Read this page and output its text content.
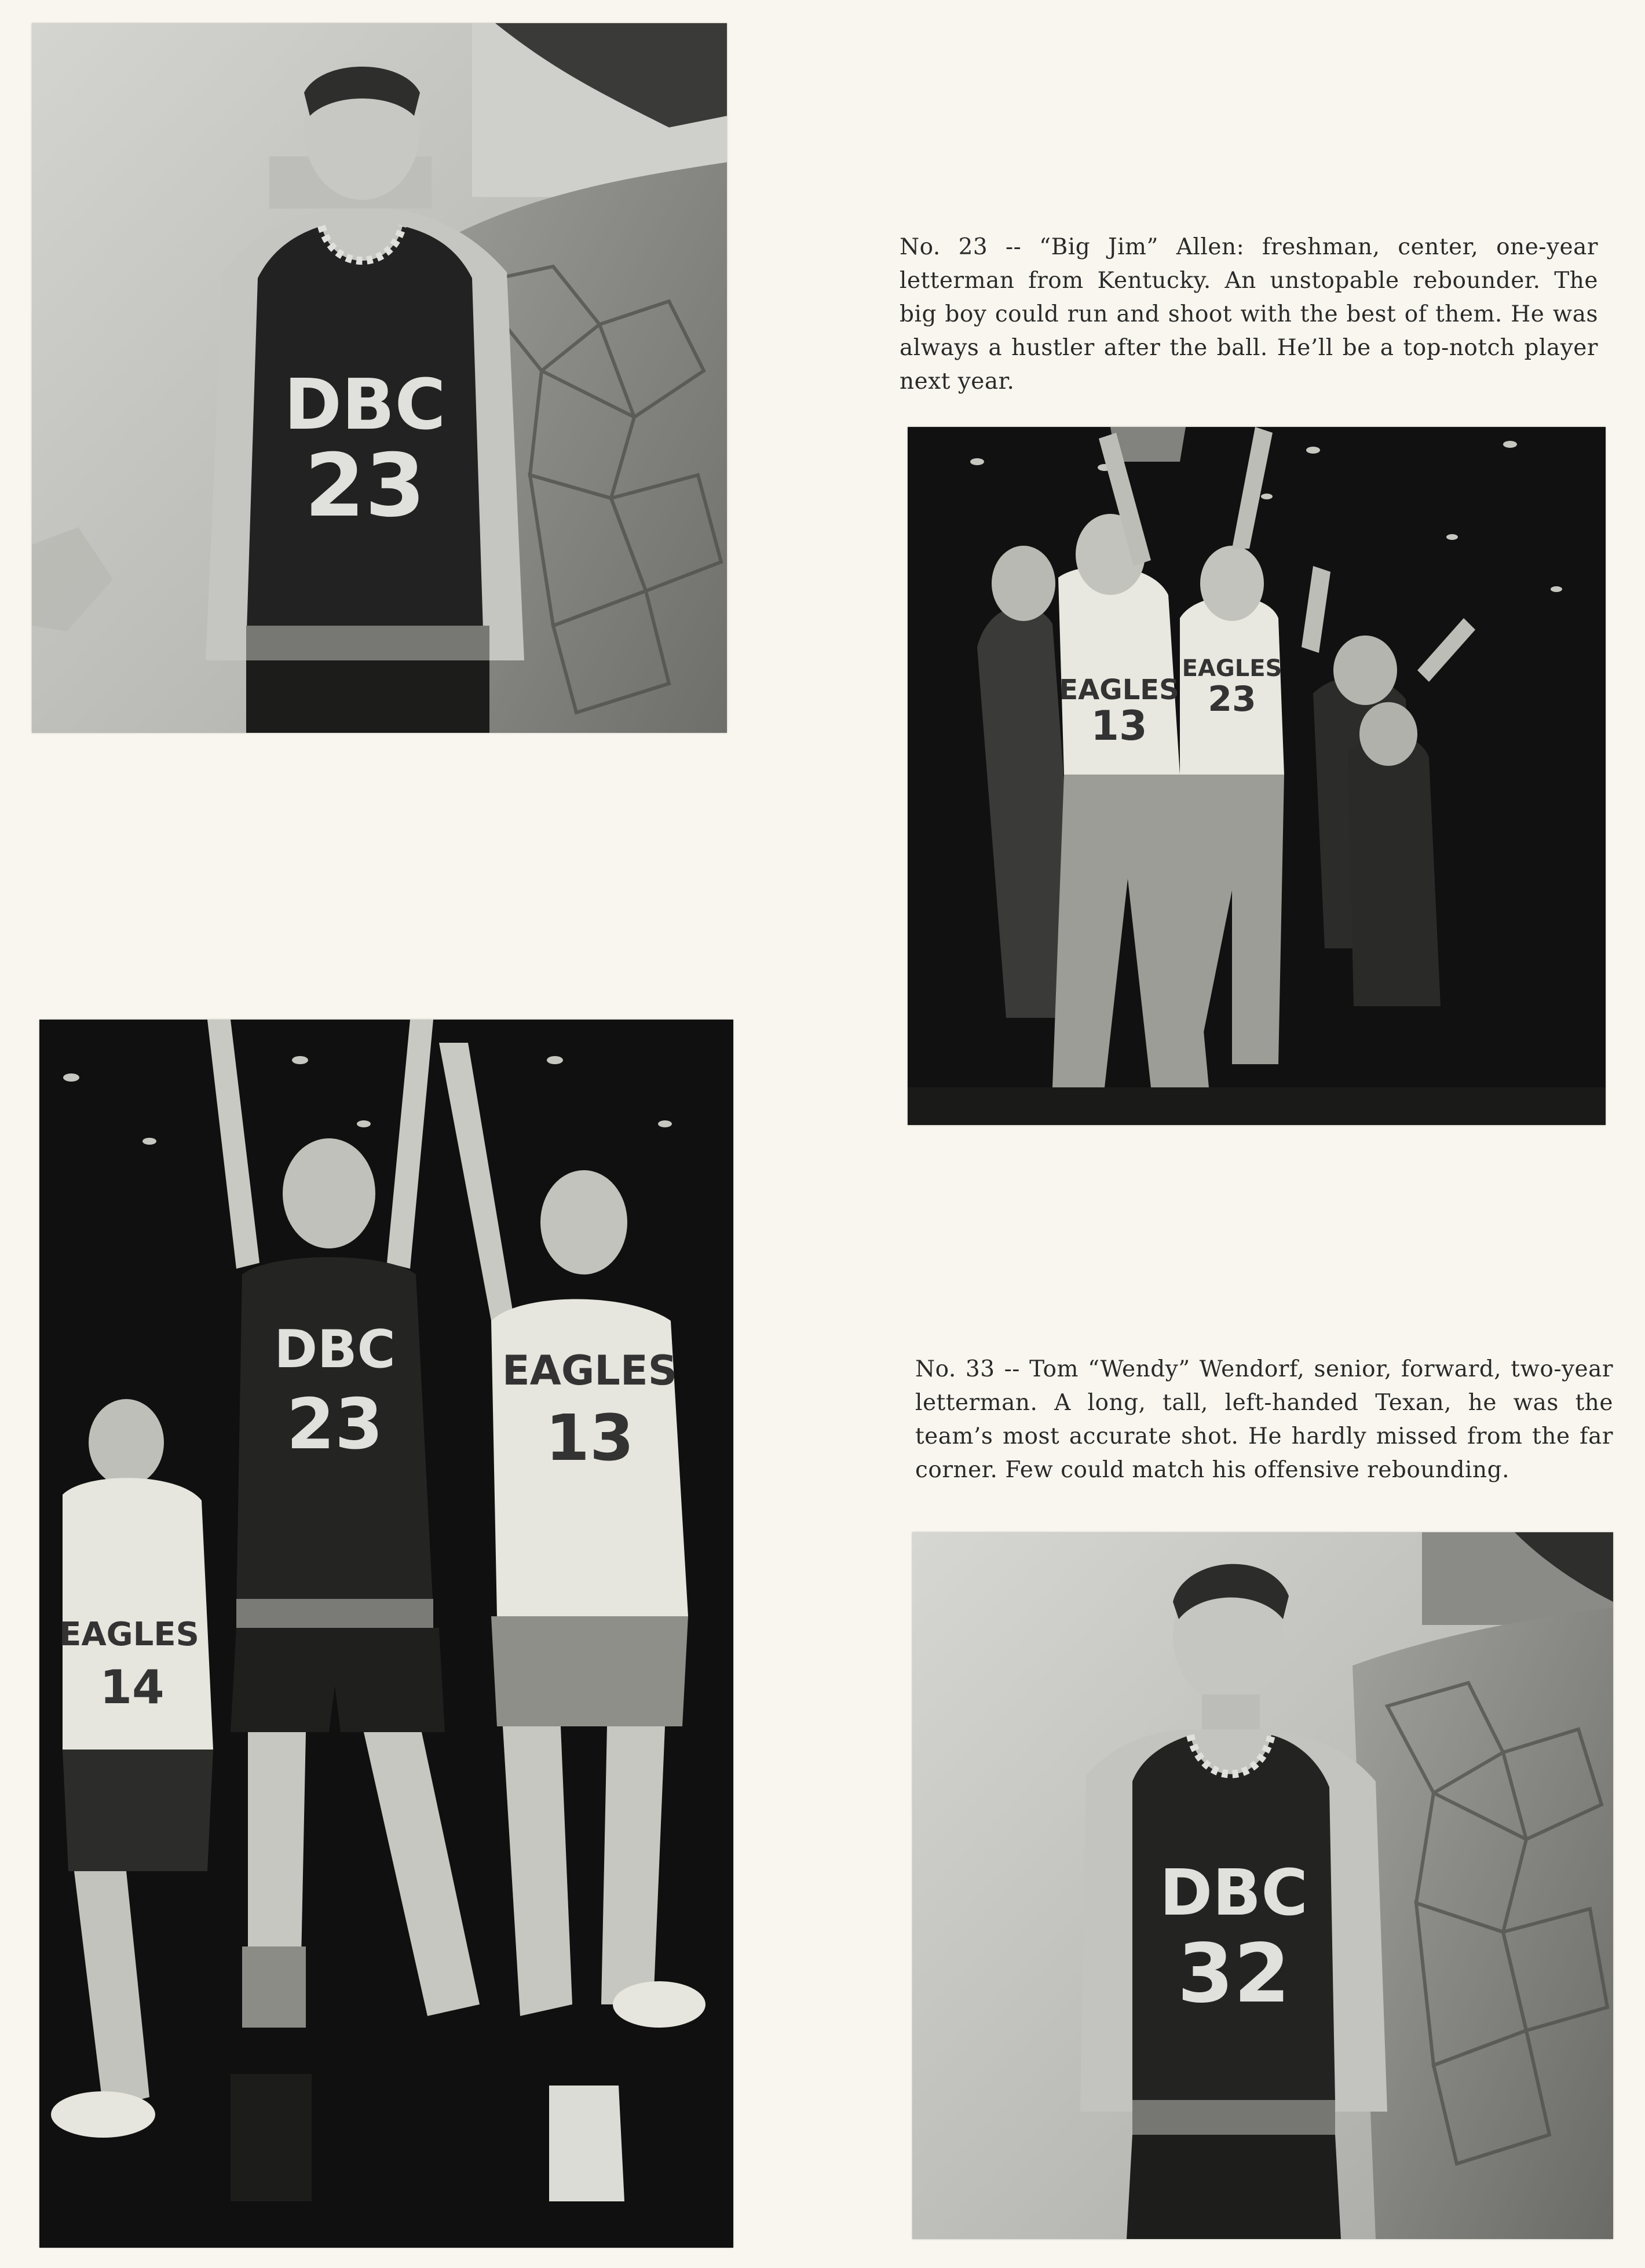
DBC
23

No. 23 -- “Big Jim” Allen: freshman, center, one-year letterman from Kentucky. An unstopable rebounder. The big boy could run and shoot with the best of them. He was always a hustler after the ball. He’ll be a top-notch player next year.

EAGLES
13
EAGLES
23
DBC
23
EAGLES
13
EAGLES
14

No. 33 -- Tom “Wendy” Wendorf, senior, forward, two-year letterman. A long, tall, left-handed Texan, he was the team’s most accurate shot. He hardly missed from the far corner. Few could match his offensive rebounding.

DBC
32
